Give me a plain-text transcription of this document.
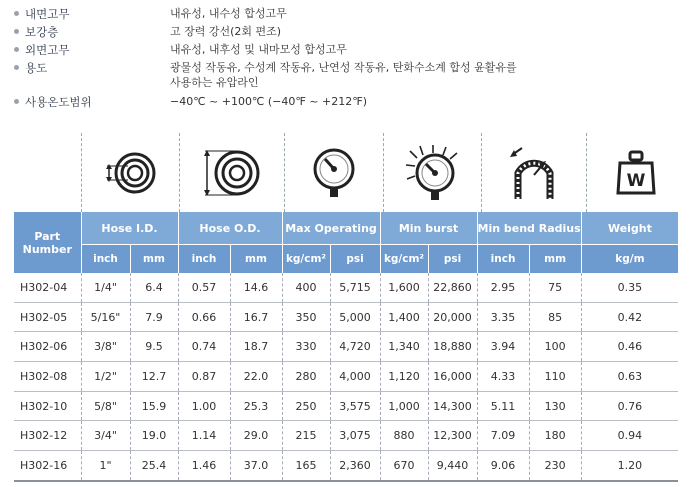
내면고무	내유성, 내수성 합성고무
보강층	고 장력 강선(2회 편조)
외면고무	내유성, 내후성 및 내마모성 합성고무
용도	광물성 작동유, 수성계 작동유, 난연성 작동유, 탄화수소계 합성 윤활유를
사용하는 유압라인
사용온도범위	−40℃ ~ +100℃ (−40℉ ~ +212℉)
W
Part
Number	Hose I.D.		Hose O.D.		Max Operating		Min burst		Min bend Radius		Weight
	inch	mm	inch	mm	kg/cm²	psi	kg/cm²	psi	inch	mm	kg/m
H302-04	1/4"	6.4	0.57	14.6	400	5,715	1,600	22,860	2.95	75	0.35
H302-05	5/16"	7.9	0.66	16.7	350	5,000	1,400	20,000	3.35	85	0.42
H302-06	3/8"	9.5	0.74	18.7	330	4,720	1,340	18,880	3.94	100	0.46
H302-08	1/2"	12.7	0.87	22.0	280	4,000	1,120	16,000	4.33	110	0.63
H302-10	5/8"	15.9	1.00	25.3	250	3,575	1,000	14,300	5.11	130	0.76
H302-12	3/4"	19.0	1.14	29.0	215	3,075	880	12,300	7.09	180	0.94
H302-16	1"	25.4	1.46	37.0	165	2,360	670	9,440	9.06	230	1.20
